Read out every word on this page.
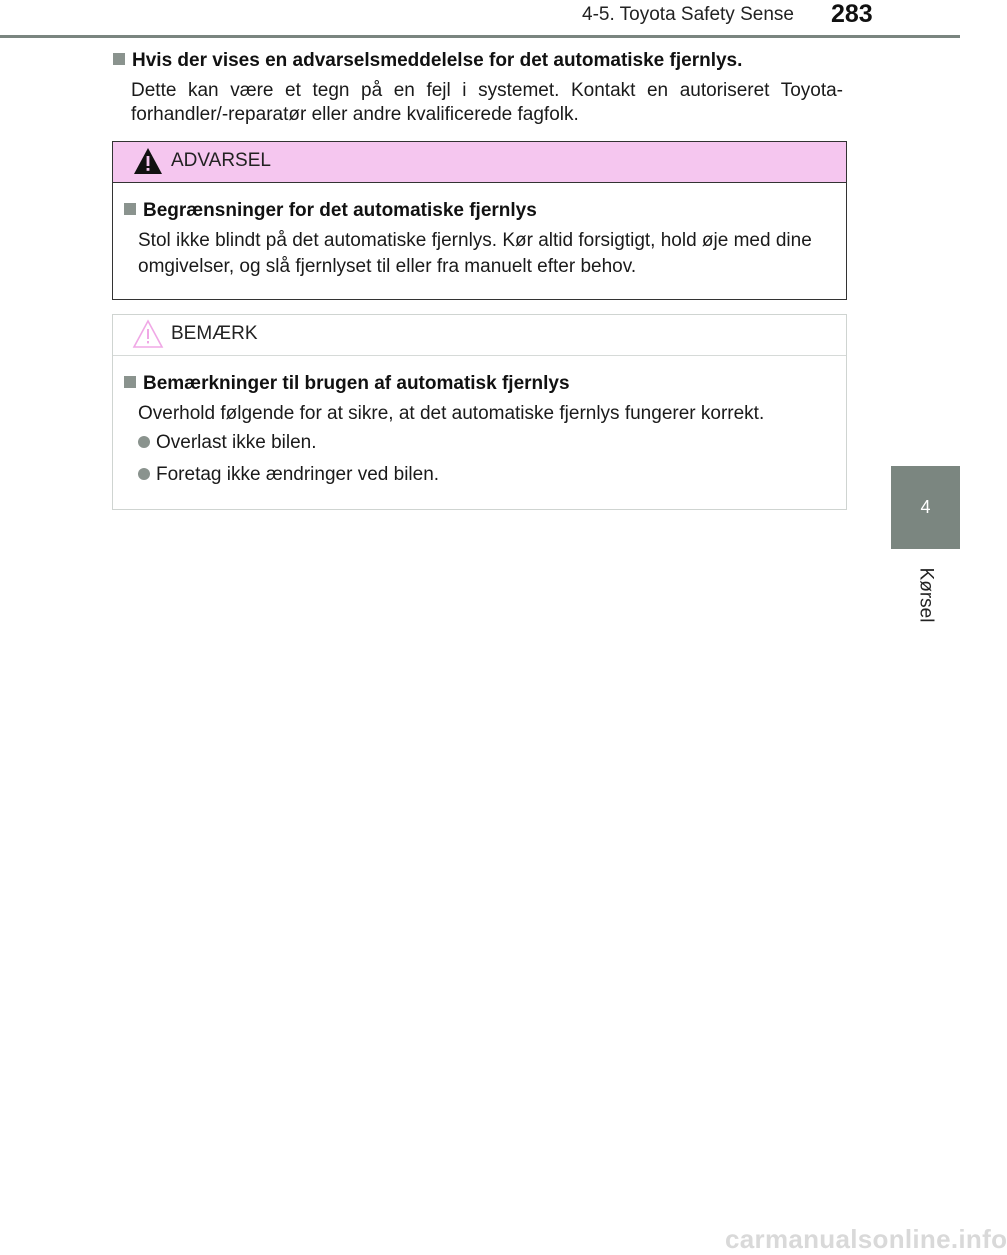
4-5. Toyota Safety Sense 283
4
Kørsel
Hvis der vises en advarselsmeddelelse for det automatiske fjernlys.
Dette kan være et tegn på en fejl i systemet. Kontakt en autoriseret Toyota-forhandler/-reparatør eller andre kvalificerede fagfolk.
ADVARSEL
Begrænsninger for det automatiske fjernlys
Stol ikke blindt på det automatiske fjernlys. Kør altid forsigtigt, hold øje med dine omgivelser, og slå fjernlyset til eller fra manuelt efter behov.
BEMÆRK
Bemærkninger til brugen af automatisk fjernlys
Overhold følgende for at sikre, at det automatiske fjernlys fungerer korrekt.
Overlast ikke bilen.
Foretag ikke ændringer ved bilen.
carmanualsonline.info
